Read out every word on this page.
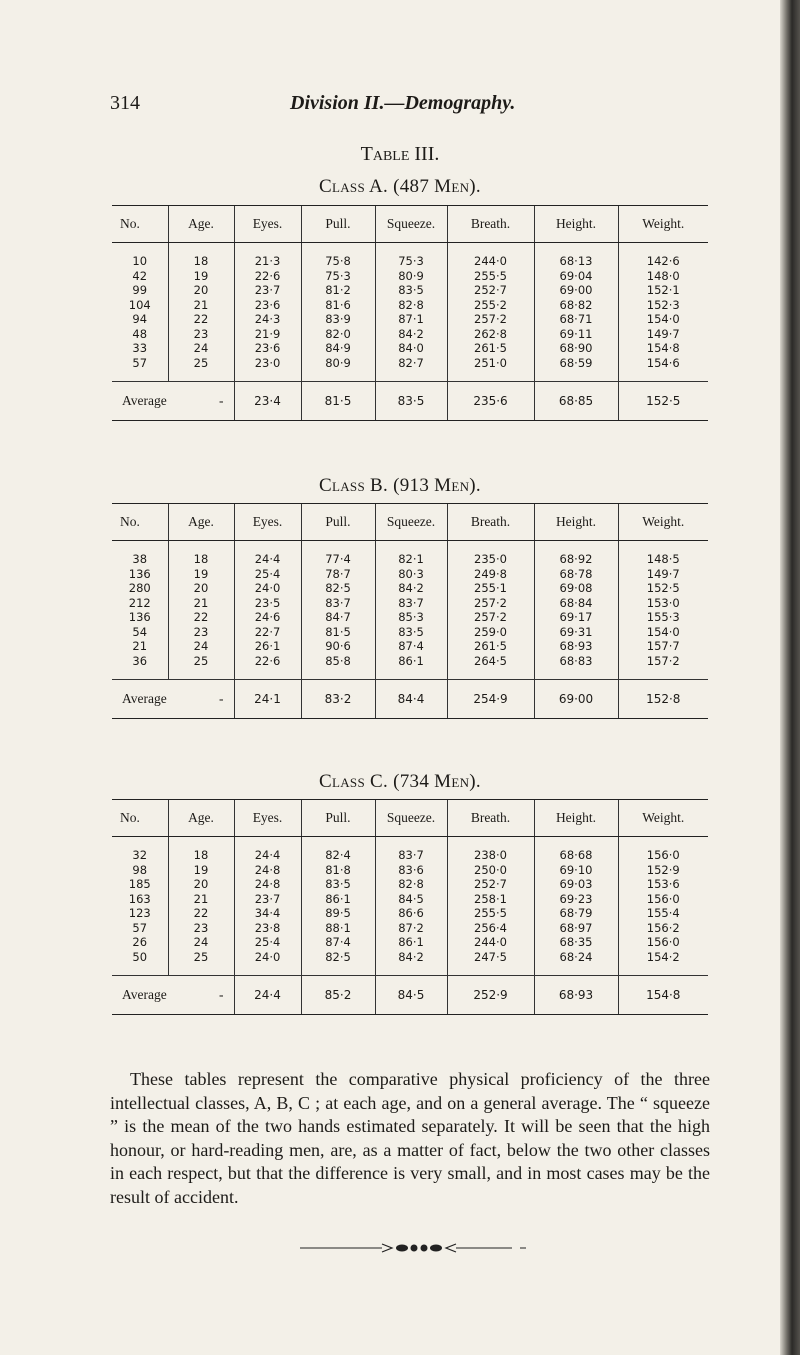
314	Division II.—Demography.
Table III.
Class A. (487 Men).
No.	Age.	Eyes.	Pull.	Squeeze.	Breath.	Height.	Weight.

10	18	21·3	75·8	75·3	244·0	68·13	142·6
42	19	22·6	75·3	80·9	255·5	69·04	148·0
99	20	23·7	81·2	83·5	252·7	69·00	152·1
104	21	23·6	81·6	82·8	255·2	68·82	152·3
94	22	24·3	83·9	87·1	257·2	68·71	154·0
48	23	21·9	82·0	84·2	262·8	69·11	149·7
33	24	23·6	84·9	84·0	261·5	68·90	154·8
57	25	23·0	80·9	82·7	251·0	68·59	154·6

Average -		23·4	81·5	83·5	235·6	68·85	152·5
Class B. (913 Men).
No.	Age.	Eyes.	Pull.	Squeeze.	Breath.	Height.	Weight.

38	18	24·4	77·4	82·1	235·0	68·92	148·5
136	19	25·4	78·7	80·3	249·8	68·78	149·7
280	20	24·0	82·5	84·2	255·1	69·08	152·5
212	21	23·5	83·7	83·7	257·2	68·84	153·0
136	22	24·6	84·7	85·3	257·2	69·17	155·3
54	23	22·7	81·5	83·5	259·0	69·31	154·0
21	24	26·1	90·6	87·4	261·5	68·93	157·7
36	25	22·6	85·8	86·1	264·5	68·83	157·2

Average -		24·1	83·2	84·4	254·9	69·00	152·8
Class C. (734 Men).
No.	Age.	Eyes.	Pull.	Squeeze.	Breath.	Height.	Weight.

32	18	24·4	82·4	83·7	238·0	68·68	156·0
98	19	24·8	81·8	83·6	250·0	69·10	152·9
185	20	24·8	83·5	82·8	252·7	69·03	153·6
163	21	23·7	86·1	84·5	258·1	69·23	156·0
123	22	34·4	89·5	86·6	255·5	68·79	155·4
57	23	23·8	88·1	87·2	256·4	68·97	156·2
26	24	25·4	87·4	86·1	244·0	68·35	156·0
50	25	24·0	82·5	84·2	247·5	68·24	154·2

Average -		24·4	85·2	84·5	252·9	68·93	154·8
These tables represent the comparative physical proficiency of the three intellectual classes, A, B, C ; at each age, and on a general average. The “ squeeze ” is the mean of the two hands estimated separately. It will be seen that the high honour, or hard-reading men, are, as a matter of fact, below the two other classes in each respect, but that the difference is very small, and in most cases may be the result of accident.
